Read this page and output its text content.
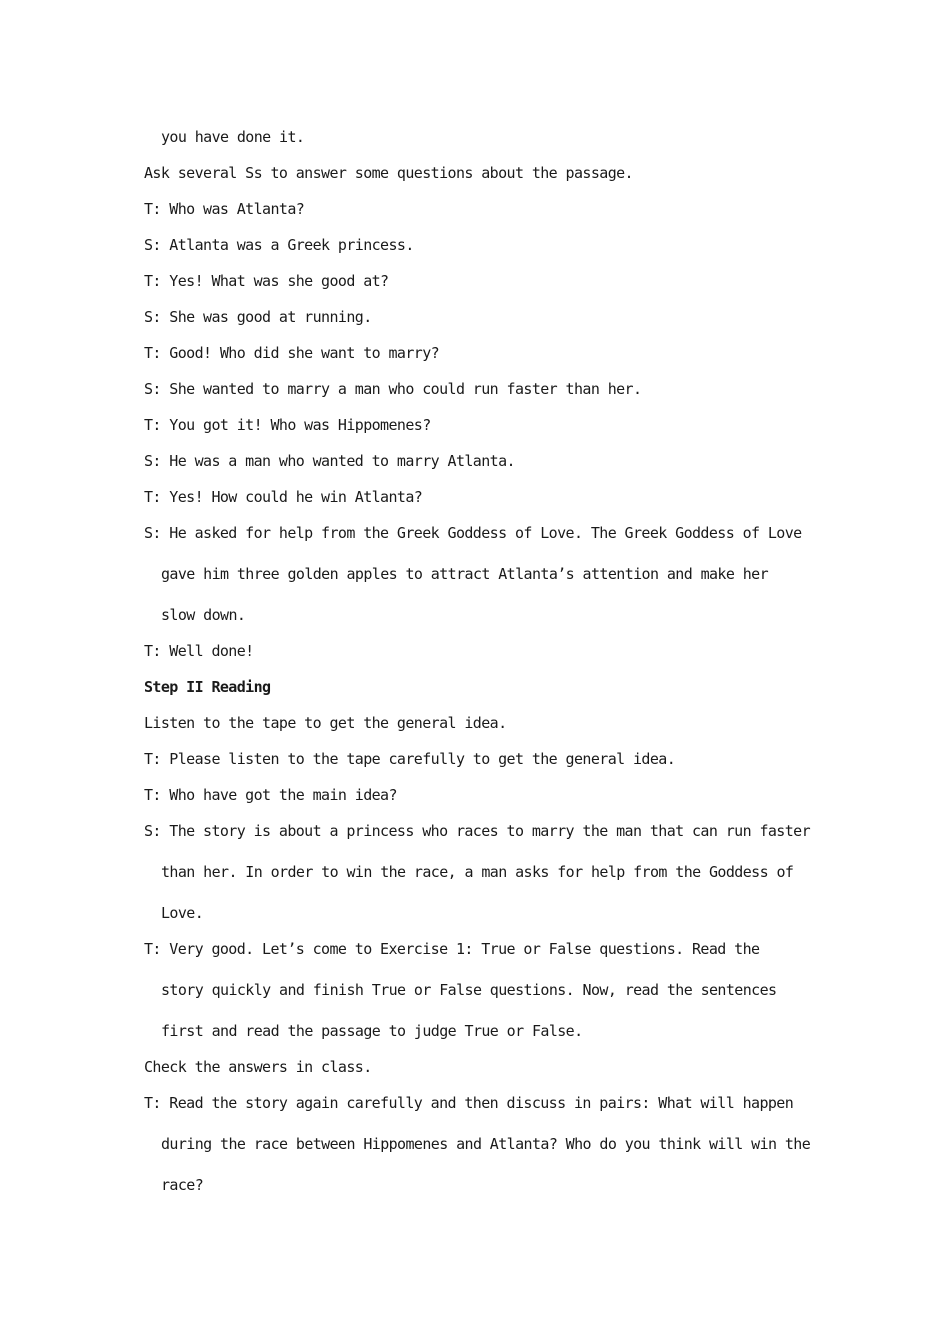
you have done it.
Ask several Ss to answer some questions about the passage.
T: Who was Atlanta?
S: Atlanta was a Greek princess.
T: Yes! What was she good at?
S: She was good at running.
T: Good! Who did she want to marry?
S: She wanted to marry a man who could run faster than her.
T: You got it! Who was Hippomenes?
S: He was a man who wanted to marry Atlanta.
T: Yes! How could he win Atlanta?
S: He asked for help from the Greek Goddess of Love. The Greek Goddess of Love
gave him three golden apples to attract Atlanta’s attention and make her
slow down.
T: Well done!
Step II Reading
Listen to the tape to get the general idea.
T: Please listen to the tape carefully to get the general idea.
T: Who have got the main idea?
S: The story is about a princess who races to marry the man that can run faster
than her. In order to win the race, a man asks for help from the Goddess of
Love.
T: Very good. Let’s come to Exercise 1: True or False questions. Read the
story quickly and finish True or False questions. Now, read the sentences
first and read the passage to judge True or False.
Check the answers in class.
T: Read the story again carefully and then discuss in pairs: What will happen
during the race between Hippomenes and Atlanta? Who do you think will win the
race?
